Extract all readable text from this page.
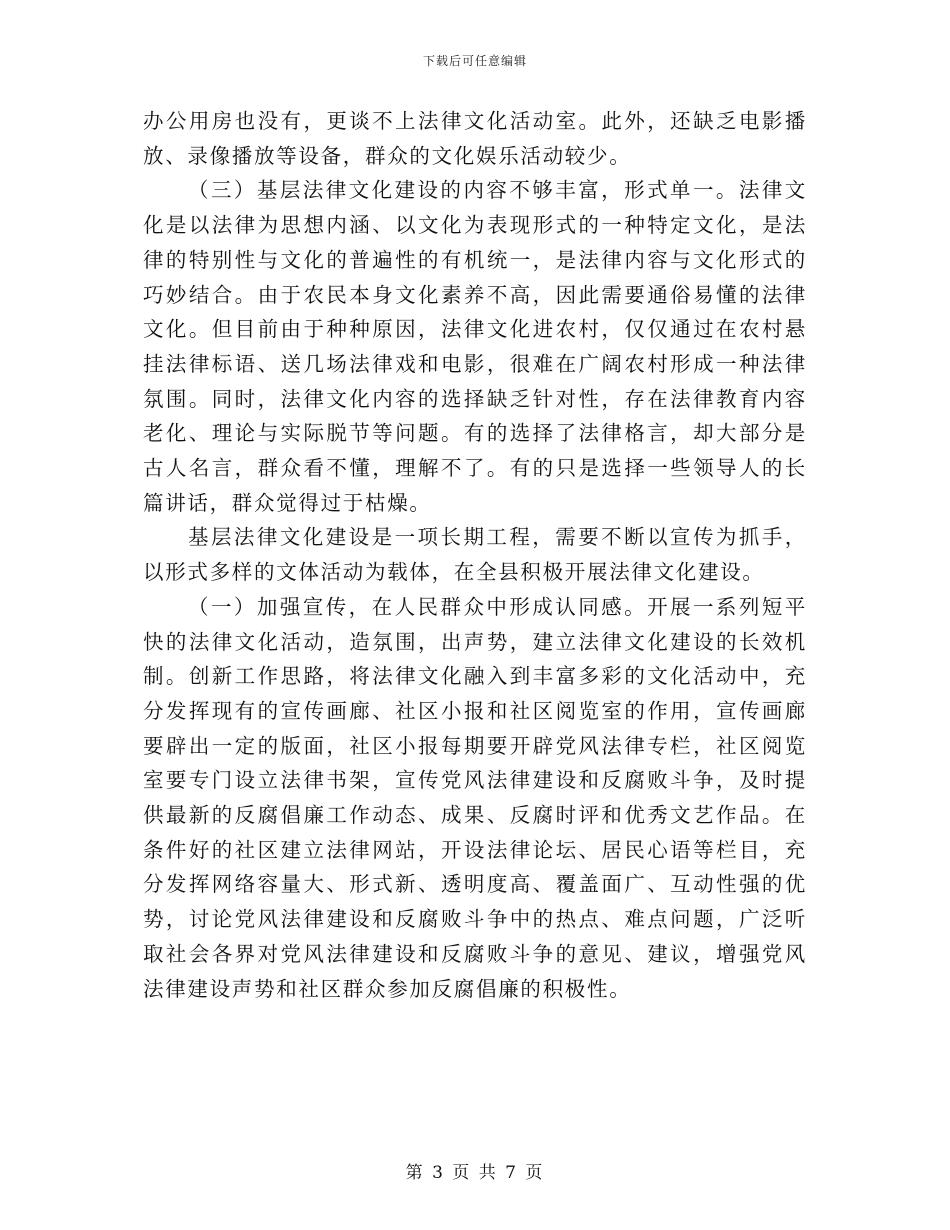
下载后可任意编辑

办公用房也没有，更谈不上法律文化活动室。此外，还缺乏电影播放、录像播放等设备，群众的文化娱乐活动较少。

（三）基层法律文化建设的内容不够丰富，形式单一。法律文化是以法律为思想内涵、以文化为表现形式的一种特定文化，是法律的特别性与文化的普遍性的有机统一，是法律内容与文化形式的巧妙结合。由于农民本身文化素养不高，因此需要通俗易懂的法律文化。但目前由于种种原因，法律文化进农村，仅仅通过在农村悬挂法律标语、送几场法律戏和电影，很难在广阔农村形成一种法律氛围。同时，法律文化内容的选择缺乏针对性，存在法律教育内容老化、理论与实际脱节等问题。有的选择了法律格言，却大部分是古人名言，群众看不懂，理解不了。有的只是选择一些领导人的长篇讲话，群众觉得过于枯燥。

基层法律文化建设是一项长期工程，需要不断以宣传为抓手，以形式多样的文体活动为载体，在全县积极开展法律文化建设。

（一）加强宣传，在人民群众中形成认同感。开展一系列短平快的法律文化活动，造氛围，出声势，建立法律文化建设的长效机制。创新工作思路，将法律文化融入到丰富多彩的文化活动中，充分发挥现有的宣传画廊、社区小报和社区阅览室的作用，宣传画廊要辟出一定的版面，社区小报每期要开辟党风法律专栏，社区阅览室要专门设立法律书架，宣传党风法律建设和反腐败斗争，及时提供最新的反腐倡廉工作动态、成果、反腐时评和优秀文艺作品。在条件好的社区建立法律网站，开设法律论坛、居民心语等栏目，充分发挥网络容量大、形式新、透明度高、覆盖面广、互动性强的优势，讨论党风法律建设和反腐败斗争中的热点、难点问题，广泛听取社会各界对党风法律建设和反腐败斗争的意见、建议，增强党风法律建设声势和社区群众参加反腐倡廉的积极性。

第 3 页 共 7 页
